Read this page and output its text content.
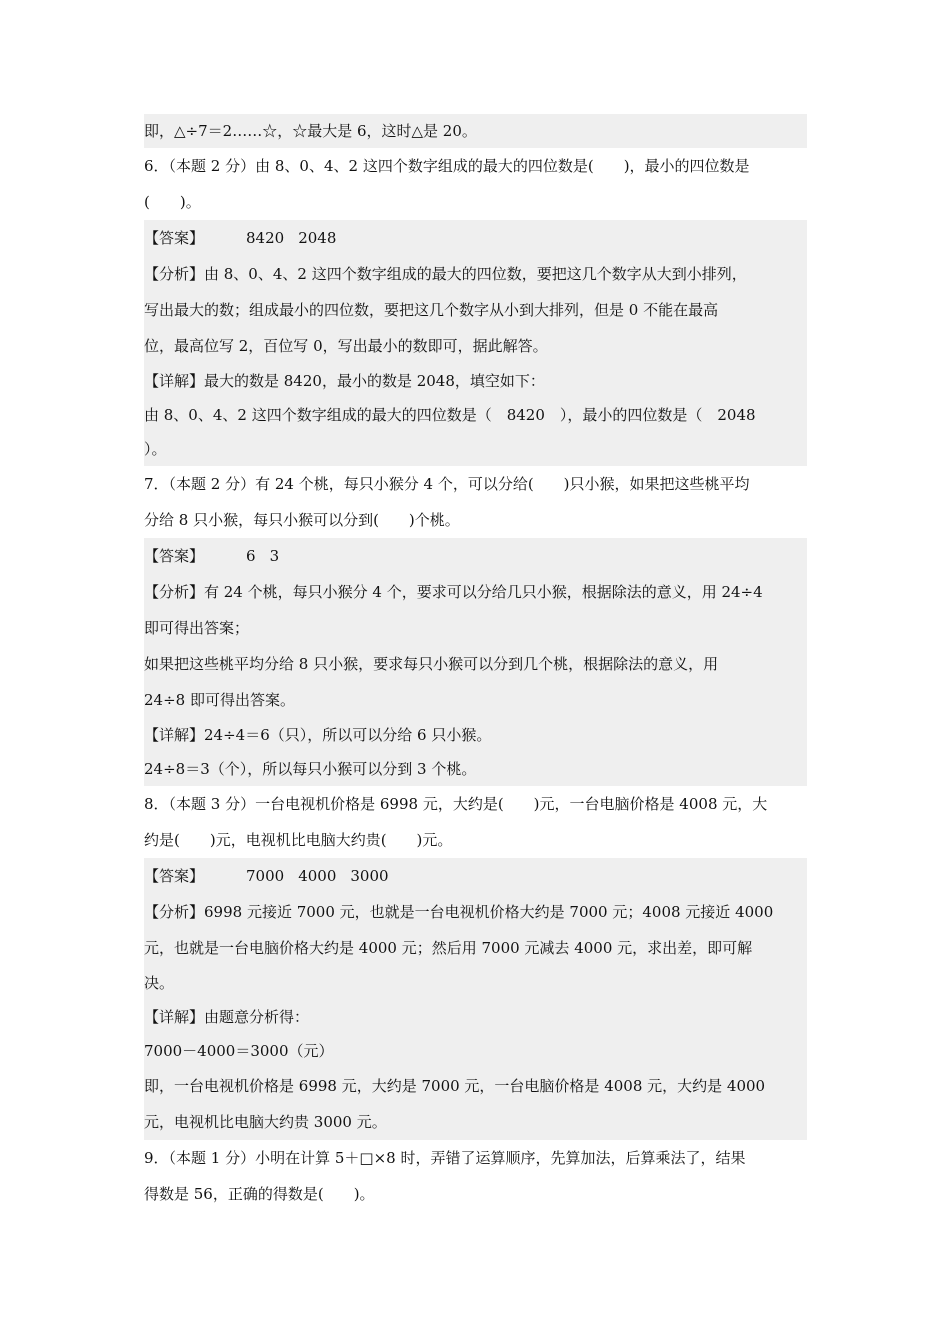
即，△÷7＝2……☆，☆最大是 6，这时△是 20。
6．（本题 2 分）由 8、0、4、2 这四个数字组成的最大的四位数是(　　)，最小的四位数是
(　　)。
【答案】	8420 2048
【分析】由 8、0、4、2 这四个数字组成的最大的四位数，要把这几个数字从大到小排列，
写出最大的数；组成最小的四位数，要把这几个数字从小到大排列，但是 0 不能在最高
位，最高位写 2，百位写 0，写出最小的数即可，据此解答。
【详解】最大的数是 8420，最小的数是 2048，填空如下：
由 8、0、4、2 这四个数字组成的最大的四位数是（　8420　），最小的四位数是（　2048
）。
7．（本题 2 分）有 24 个桃，每只小猴分 4 个，可以分给(　　)只小猴，如果把这些桃平均
分给 8 只小猴，每只小猴可以分到(　　)个桃。
【答案】	6 3
【分析】有 24 个桃，每只小猴分 4 个，要求可以分给几只小猴，根据除法的意义，用 24÷4
即可得出答案；
如果把这些桃平均分给 8 只小猴，要求每只小猴可以分到几个桃，根据除法的意义，用
24÷8 即可得出答案。
【详解】24÷4＝6（只），所以可以分给 6 只小猴。
24÷8＝3（个），所以每只小猴可以分到 3 个桃。
8．（本题 3 分）一台电视机价格是 6998 元，大约是(　　)元，一台电脑价格是 4008 元，大
约是(　　)元，电视机比电脑大约贵(　　)元。
【答案】	7000 4000 3000
【分析】6998 元接近 7000 元，也就是一台电视机价格大约是 7000 元；4008 元接近 4000
元，也就是一台电脑价格大约是 4000 元；然后用 7000 元减去 4000 元，求出差，即可解
决。
【详解】由题意分析得：
7000－4000＝3000（元）
即，一台电视机价格是 6998 元，大约是 7000 元，一台电脑价格是 4008 元，大约是 4000
元，电视机比电脑大约贵 3000 元。
9．（本题 1 分）小明在计算 5＋□×8 时，弄错了运算顺序，先算加法，后算乘法了，结果
得数是 56，正确的得数是(　　)。
